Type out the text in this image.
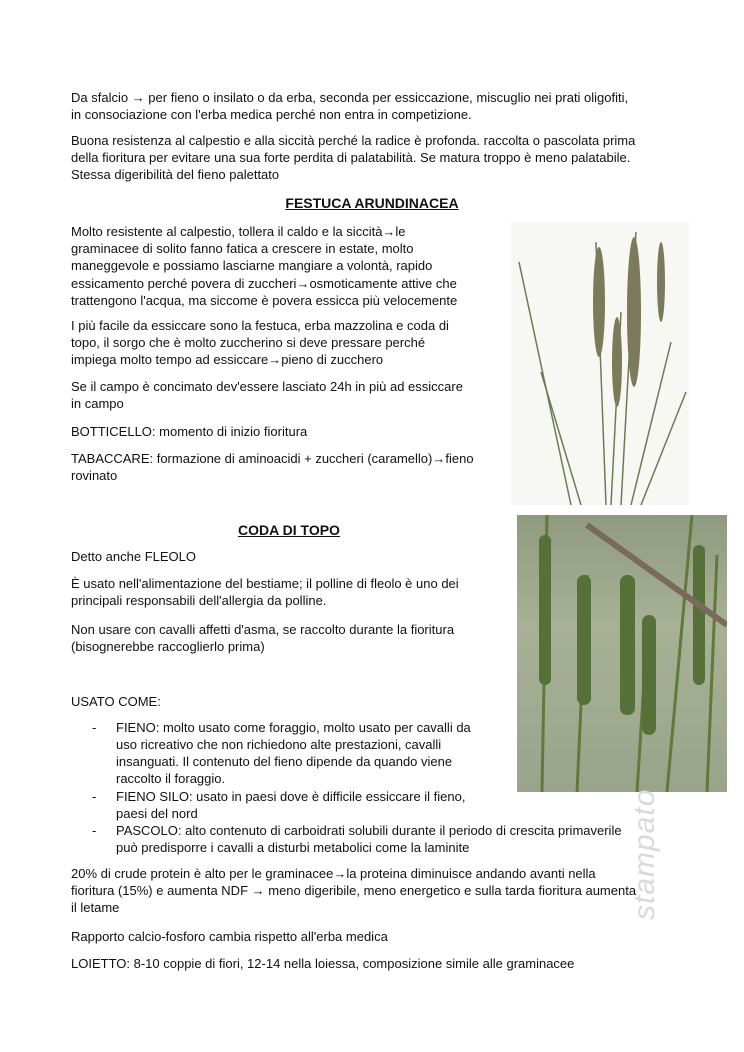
Da sfalcio → per fieno o insilato o da erba, seconda per essiccazione, miscuglio nei prati oligofiti,
in consociazione con l'erba medica perché non entra in competizione.
Buona resistenza al calpestio e alla siccità perché la radice è profonda. raccolta o pascolata prima
della fioritura per evitare una sua forte perdita di palatabilità. Se matura troppo è meno palatabile.
Stessa digeribilità del fieno palettato
FESTUCA ARUNDINACEA
Molto resistente al calpestio, tollera il caldo e la siccità→le
graminacee di solito fanno fatica a crescere in estate, molto
maneggevole e possiamo lasciarne mangiare a volontà, rapido
essicamento perché povera di zuccheri→osmoticamente attive che
trattengono l'acqua, ma siccome è povera essicca più velocemente
I più facile da essiccare sono la festuca, erba mazzolina e coda di
topo, il sorgo che è molto zuccherino si deve pressare perché
impiega molto tempo ad essiccare→pieno di zucchero
Se il campo è concimato dev'essere lasciato 24h in più ad essiccare
in campo
BOTTICELLO: momento di inizio fioritura
TABACCARE: formazione di aminoacidi + zuccheri (caramello)→fieno
rovinato
CODA DI TOPO
Detto anche FLEOLO
È usato nell'alimentazione del bestiame; il polline di fleolo è uno dei
principali responsabili dell'allergia da polline.
Non usare con cavalli affetti d'asma, se raccolto durante la fioritura
(bisognerebbe raccoglierlo prima)
USATO COME:
- FIENO: molto usato come foraggio, molto usato per cavalli da
uso ricreativo che non richiedono alte prestazioni, cavalli
insanguati. Il contenuto del fieno dipende da quando viene
raccolto il foraggio.
- FIENO SILO: usato in paesi dove è difficile essiccare il fieno,
paesi del nord
- PASCOLO: alto contenuto di carboidrati solubili durante il periodo di crescita primaverile
può predisporre i cavalli a disturbi metabolici come la laminite
20% di crude protein è alto per le graminacee→la proteina diminuisce andando avanti nella
fioritura (15%) e aumenta NDF → meno digeribile, meno energetico e sulla tarda fioritura aumenta
il letame
Rapporto calcio-fosforo cambia rispetto all'erba medica
LOIETTO: 8-10 coppie di fiori, 12-14 nella loiessa, composizione simile alle graminacee
stampato
